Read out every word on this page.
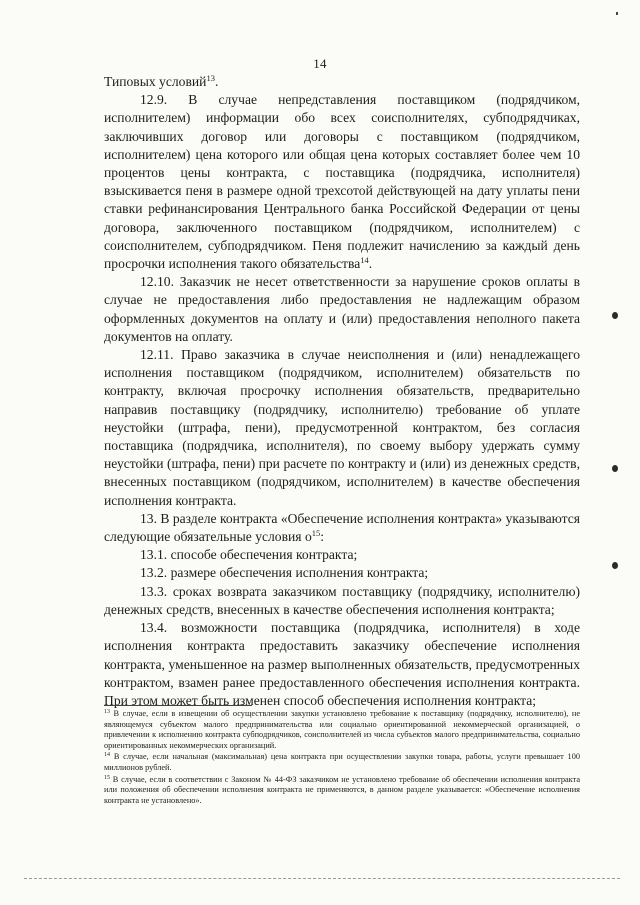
14

Типовых условий$^{13}$.

12.9. В случае непредставления поставщиком (подрядчиком, исполнителем) информации обо всех соисполнителях, субподрядчиках, заключивших договор или договоры с поставщиком (подрядчиком, исполнителем) цена которого или общая цена которых составляет более чем 10 процентов цены контракта, с поставщика (подрядчика, исполнителя) взыскивается пеня в размере одной трехсотой действующей на дату уплаты пени ставки рефинансирования Центрального банка Российской Федерации от цены договора, заключенного поставщиком (подрядчиком, исполнителем) с соисполнителем, субподрядчиком. Пеня подлежит начислению за каждый день просрочки исполнения такого обязательства$^{14}$.

12.10. Заказчик не несет ответственности за нарушение сроков оплаты в случае не предоставления либо предоставления не надлежащим образом оформленных документов на оплату и (или) предоставления неполного пакета документов на оплату.

12.11. Право заказчика в случае неисполнения и (или) ненадлежащего исполнения поставщиком (подрядчиком, исполнителем) обязательств по контракту, включая просрочку исполнения обязательств, предварительно направив поставщику (подрядчику, исполнителю) требование об уплате неустойки (штрафа, пени), предусмотренной контрактом, без согласия поставщика (подрядчика, исполнителя), по своему выбору удержать сумму неустойки (штрафа, пени) при расчете по контракту и (или) из денежных средств, внесенных поставщиком (подрядчиком, исполнителем) в качестве обеспечения исполнения контракта.

13. В разделе контракта «Обеспечение исполнения контракта» указываются следующие обязательные условия $о^{15}$:

13.1. способе обеспечения контракта;

13.2. размере обеспечения исполнения контракта;

13.3. сроках возврата заказчиком поставщику (подрядчику, исполнителю) денежных средств, внесенных в качестве обеспечения исполнения контракта;

13.4. возможности поставщика (подрядчика, исполнителя) в ходе исполнения контракта предоставить заказчику обеспечение исполнения контракта, уменьшенное на размер выполненных обязательств, предусмотренных контрактом, взамен ранее предоставленного обеспечения исполнения контракта. При этом может быть изменен способ обеспечения исполнения контракта;

$^{13}$ В случае, если в извещении об осуществлении закупки установлено требование к поставщику (подрядчику, исполнителю), не являющемуся субъектом малого предпринимательства или социально ориентированной некоммерческой организацией, о привлечении к исполнению контракта субподрядчиков, соисполнителей из числа субъектов малого предпринимательства, социально ориентированных некоммерческих организаций.

$^{14}$ В случае, если начальная (максимальная) цена контракта при осуществлении закупки товара, работы, услуги превышает 100 миллионов рублей.

$^{15}$ В случае, если в соответствии с Законом № 44-ФЗ заказчиком не установлено требование об обеспечении исполнения контракта или положения об обеспечении исполнения контракта не применяются, в данном разделе указывается: «Обеспечение исполнения контракта не установлено».
